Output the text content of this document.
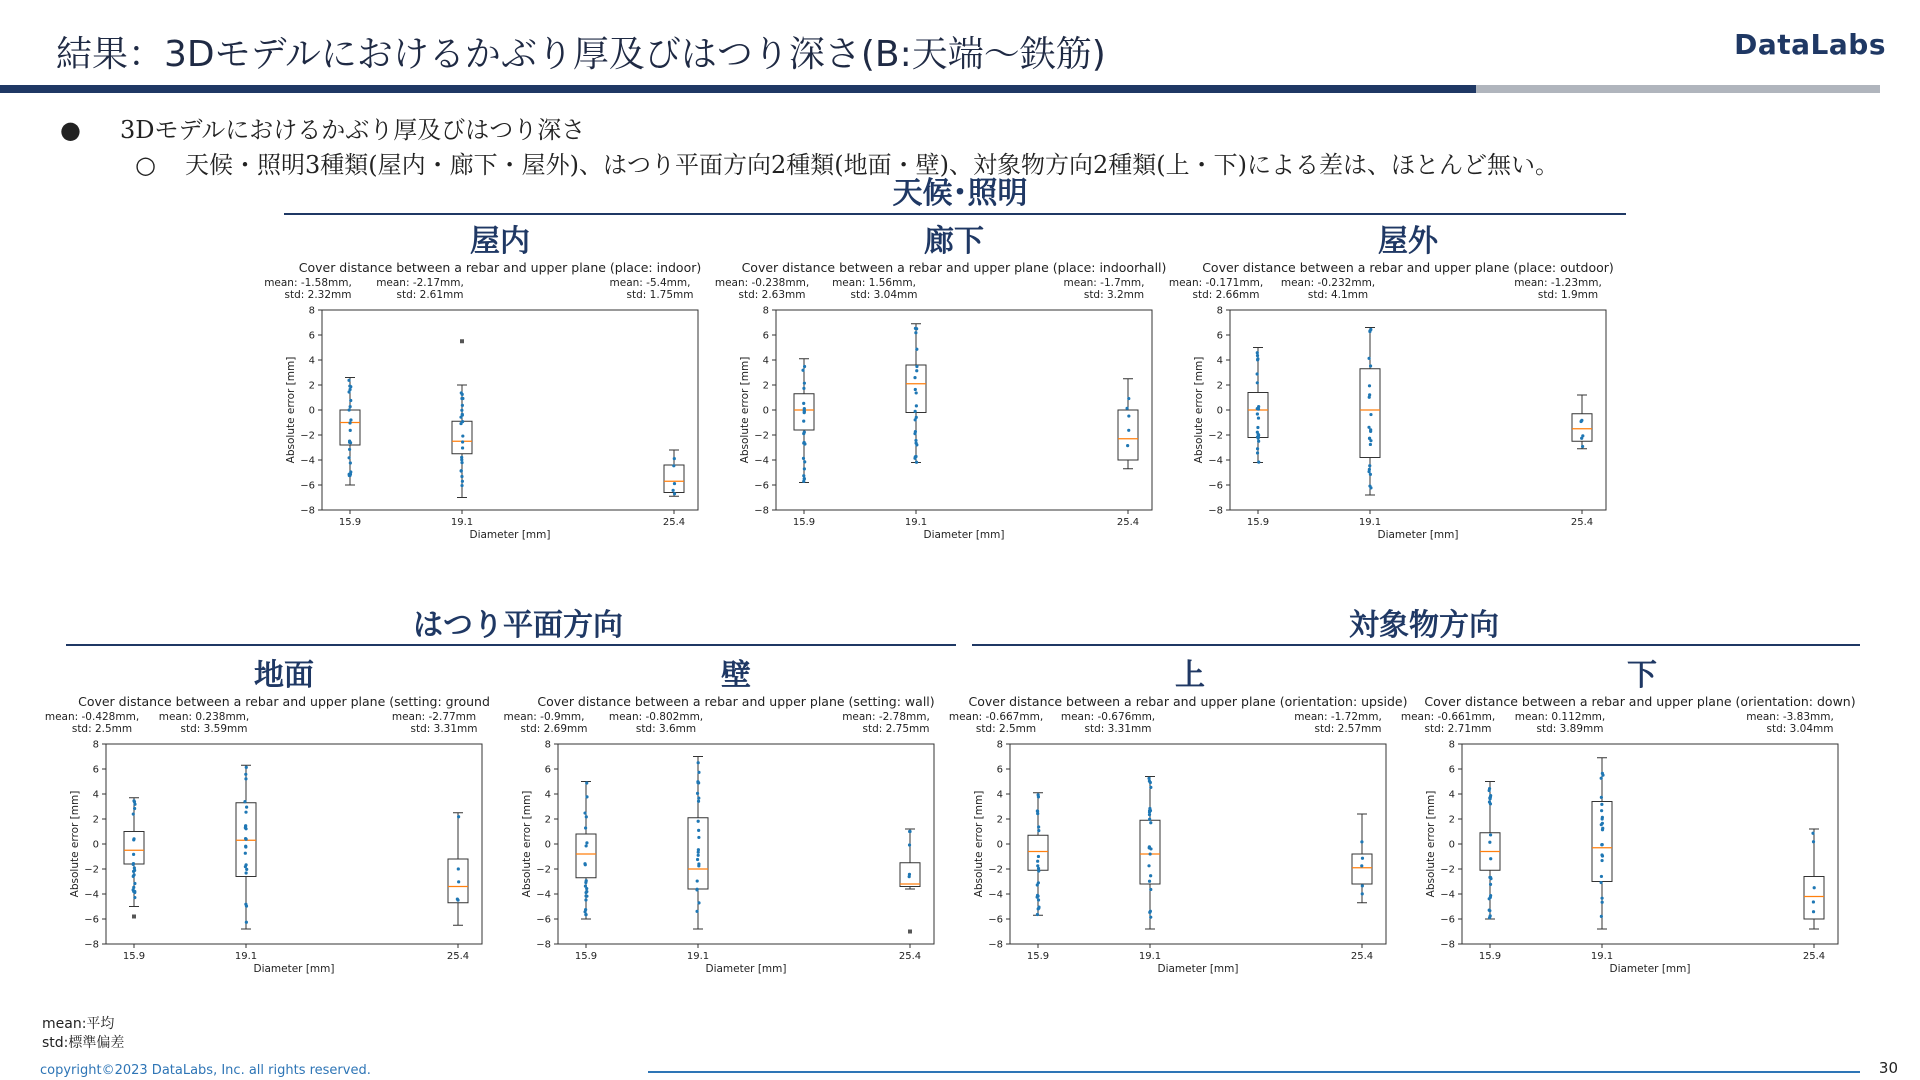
結果：3Dモデルにおけるかぶり厚及びはつり深さ(B:天端～鉄筋)	DataLabs
● 3Dモデルにおけるかぶり厚及びはつり深さ
○ 天候・照明3種類(屋内・廊下・屋外)、はつり平面方向2種類(地面・壁)、対象物方向2種類(上・下)による差は、ほとんど無い。
天候･照明
はつり平面方向	対象物方向
屋内	廊下	屋外
地面	壁	上	下
Cover distance between a rebar and upper plane (place: indoor)
mean: -1.58mm,
std: 2.32mm
mean: -2.17mm,
std: 2.61mm
mean: -5.4mm,
std: 1.75mm
−8
−6
−4
−2
0
2
4
6
8
Absolute error [mm]
15.9	19.1	25.4
Diameter [mm]
Cover distance between a rebar and upper plane (place: indoorhall)
mean: -0.238mm,
std: 2.63mm
mean: 1.56mm,
std: 3.04mm
mean: -1.7mm,
std: 3.2mm
−8
−6
−4
−2
0
2
4
6
8
Absolute error [mm]
15.9	19.1	25.4
Diameter [mm]
Cover distance between a rebar and upper plane (place: outdoor)
mean: -0.171mm,
std: 2.66mm
mean: -0.232mm,
std: 4.1mm
mean: -1.23mm,
std: 1.9mm
−8
−6
−4
−2
0
2
4
6
8
Absolute error [mm]
15.9	19.1	25.4
Diameter [mm]
Cover distance between a rebar and upper plane (setting: ground
mean: -0.428mm,
std: 2.5mm
mean: 0.238mm,
std: 3.59mm
mean: -2.77mm
std: 3.31mm
−8
−6
−4
−2
0
2
4
6
8
Absolute error [mm]
15.9	19.1	25.4
Diameter [mm]
Cover distance between a rebar and upper plane (setting: wall)
mean: -0.9mm,
std: 2.69mm
mean: -0.802mm,
std: 3.6mm
mean: -2.78mm,
std: 2.75mm
−8
−6
−4
−2
0
2
4
6
8
Absolute error [mm]
15.9	19.1	25.4
Diameter [mm]
Cover distance between a rebar and upper plane (orientation: upside)
mean: -0.667mm,
std: 2.5mm
mean: -0.676mm,
std: 3.31mm
mean: -1.72mm,
std: 2.57mm
−8
−6
−4
−2
0
2
4
6
8
Absolute error [mm]
15.9	19.1	25.4
Diameter [mm]
Cover distance between a rebar and upper plane (orientation: down)
mean: -0.661mm,
std: 2.71mm
mean: 0.112mm,
std: 3.89mm
mean: -3.83mm,
std: 3.04mm
−8
−6
−4
−2
0
2
4
6
8
Absolute error [mm]
15.9	19.1	25.4
Diameter [mm]
mean:平均
std:標準偏差
copyright©2023 DataLabs, Inc. all rights reserved.	30
